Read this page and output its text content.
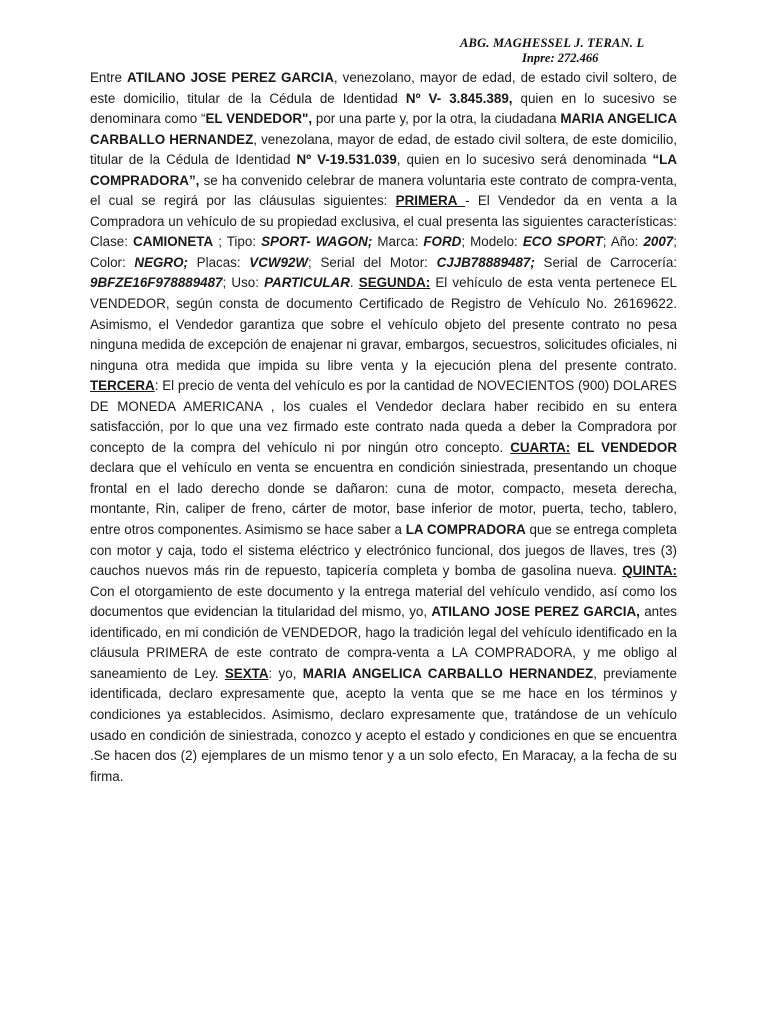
ABG. MAGHESSEL J. TERAN. L
Inpre: 272.466
Entre ATILANO JOSE PEREZ GARCIA, venezolano, mayor de edad, de estado civil soltero, de este domicilio, titular de la Cédula de Identidad Nº V- 3.845.389, quien en lo sucesivo se denominara como “EL VENDEDOR", por una parte y, por la otra, la ciudadana MARIA ANGELICA CARBALLO HERNANDEZ, venezolana, mayor de edad, de estado civil soltera, de este domicilio, titular de la Cédula de Identidad Nº V-19.531.039, quien en lo sucesivo será denominada “LA COMPRADORA”, se ha convenido celebrar de manera voluntaria este contrato de compra-venta, el cual se regirá por las cláusulas siguientes: PRIMERA - El Vendedor da en venta a la Compradora un vehículo de su propiedad exclusiva, el cual presenta las siguientes características: Clase: CAMIONETA ; Tipo: SPORT- WAGON; Marca: FORD; Modelo: ECO SPORT; Año: 2007; Color: NEGRO; Placas: VCW92W; Serial del Motor: CJJB78889487; Serial de Carrocería: 9BFZE16F978889487; Uso: PARTICULAR. SEGUNDA: El vehículo de esta venta pertenece EL VENDEDOR, según consta de documento Certificado de Registro de Vehículo No. 26169622. Asimismo, el Vendedor garantiza que sobre el vehículo objeto del presente contrato no pesa ninguna medida de excepción de enajenar ni gravar, embargos, secuestros, solicitudes oficiales, ni ninguna otra medida que impida su libre venta y la ejecución plena del presente contrato. TERCERA: El precio de venta del vehículo es por la cantidad de NOVECIENTOS (900) DOLARES DE MONEDA AMERICANA , los cuales el Vendedor declara haber recibido en su entera satisfacción, por lo que una vez firmado este contrato nada queda a deber la Compradora por concepto de la compra del vehículo ni por ningún otro concepto. CUARTA: EL VENDEDOR declara que el vehículo en venta se encuentra en condición siniestrada, presentando un choque frontal en el lado derecho donde se dañaron: cuna de motor, compacto, meseta derecha, montante, Rin, caliper de freno, cárter de motor, base inferior de motor, puerta, techo, tablero, entre otros componentes. Asimismo se hace saber a LA COMPRADORA que se entrega completa con motor y caja, todo el sistema eléctrico y electrónico funcional, dos juegos de llaves, tres (3) cauchos nuevos más rin de repuesto, tapicería completa y bomba de gasolina nueva. QUINTA: Con el otorgamiento de este documento y la entrega material del vehículo vendido, así como los documentos que evidencian la titularidad del mismo, yo, ATILANO JOSE PEREZ GARCIA, antes identificado, en mi condición de VENDEDOR, hago la tradición legal del vehículo identificado en la cláusula PRIMERA de este contrato de compra-venta a LA COMPRADORA, y me obligo al saneamiento de Ley. SEXTA: yo, MARIA ANGELICA CARBALLO HERNANDEZ, previamente identificada, declaro expresamente que, acepto la venta que se me hace en los términos y condiciones ya establecidos. Asimismo, declaro expresamente que, tratándose de un vehículo usado en condición de siniestrada, conozco y acepto el estado y condiciones en que se encuentra .Se hacen dos (2) ejemplares de un mismo tenor y a un solo efecto, En Maracay, a la fecha de su firma.
